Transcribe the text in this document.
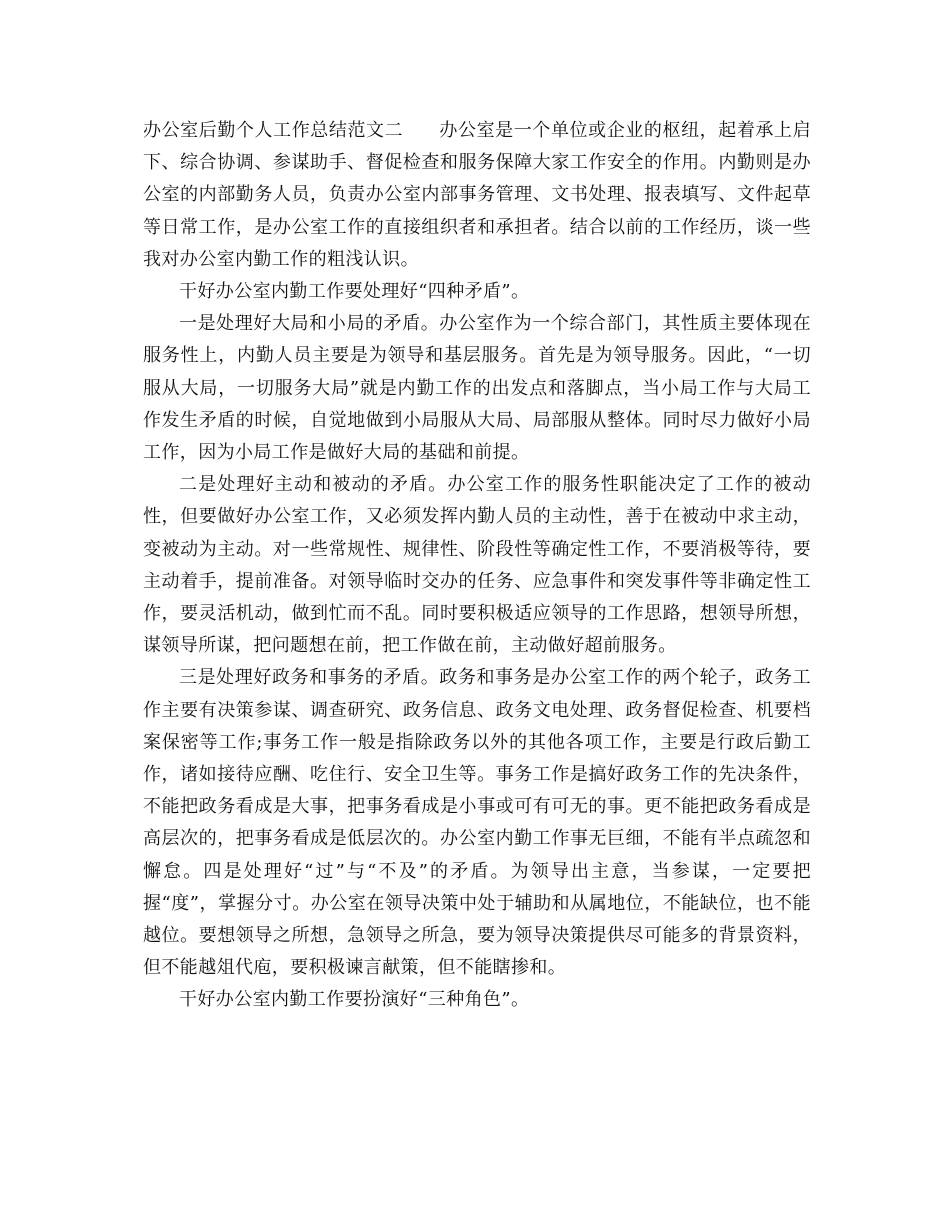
办公室后勤个人工作总结范文二 办公室是一个单位或企业的枢纽，起着承上启下、综合协调、参谋助手、督促检查和服务保障大家工作安全的作用。内勤则是办公室的内部勤务人员，负责办公室内部事务管理、文书处理、报表填写、文件起草等日常工作，是办公室工作的直接组织者和承担者。结合以前的工作经历，谈一些我对办公室内勤工作的粗浅认识。

干好办公室内勤工作要处理好“四种矛盾”。

一是处理好大局和小局的矛盾。办公室作为一个综合部门，其性质主要体现在服务性上，内勤人员主要是为领导和基层服务。首先是为领导服务。因此，“一切服从大局，一切服务大局”就是内勤工作的出发点和落脚点，当小局工作与大局工作发生矛盾的时候，自觉地做到小局服从大局、局部服从整体。同时尽力做好小局工作，因为小局工作是做好大局的基础和前提。

二是处理好主动和被动的矛盾。办公室工作的服务性职能决定了工作的被动性，但要做好办公室工作，又必须发挥内勤人员的主动性，善于在被动中求主动，变被动为主动。对一些常规性、规律性、阶段性等确定性工作，不要消极等待，要主动着手，提前准备。对领导临时交办的任务、应急事件和突发事件等非确定性工作，要灵活机动，做到忙而不乱。同时要积极适应领导的工作思路，想领导所想，谋领导所谋，把问题想在前，把工作做在前，主动做好超前服务。

三是处理好政务和事务的矛盾。政务和事务是办公室工作的两个轮子，政务工作主要有决策参谋、调查研究、政务信息、政务文电处理、政务督促检查、机要档案保密等工作;事务工作一般是指除政务以外的其他各项工作，主要是行政后勤工作，诸如接待应酬、吃住行、安全卫生等。事务工作是搞好政务工作的先决条件，不能把政务看成是大事，把事务看成是小事或可有可无的事。更不能把政务看成是高层次的，把事务看成是低层次的。办公室内勤工作事无巨细，不能有半点疏忽和懈怠。四是处理好“过”与“不及”的矛盾。为领导出主意，当参谋，一定要把握“度”，掌握分寸。办公室在领导决策中处于辅助和从属地位，不能缺位，也不能越位。要想领导之所想，急领导之所急，要为领导决策提供尽可能多的背景资料，但不能越俎代庖，要积极谏言献策，但不能瞎掺和。

干好办公室内勤工作要扮演好“三种角色”。
